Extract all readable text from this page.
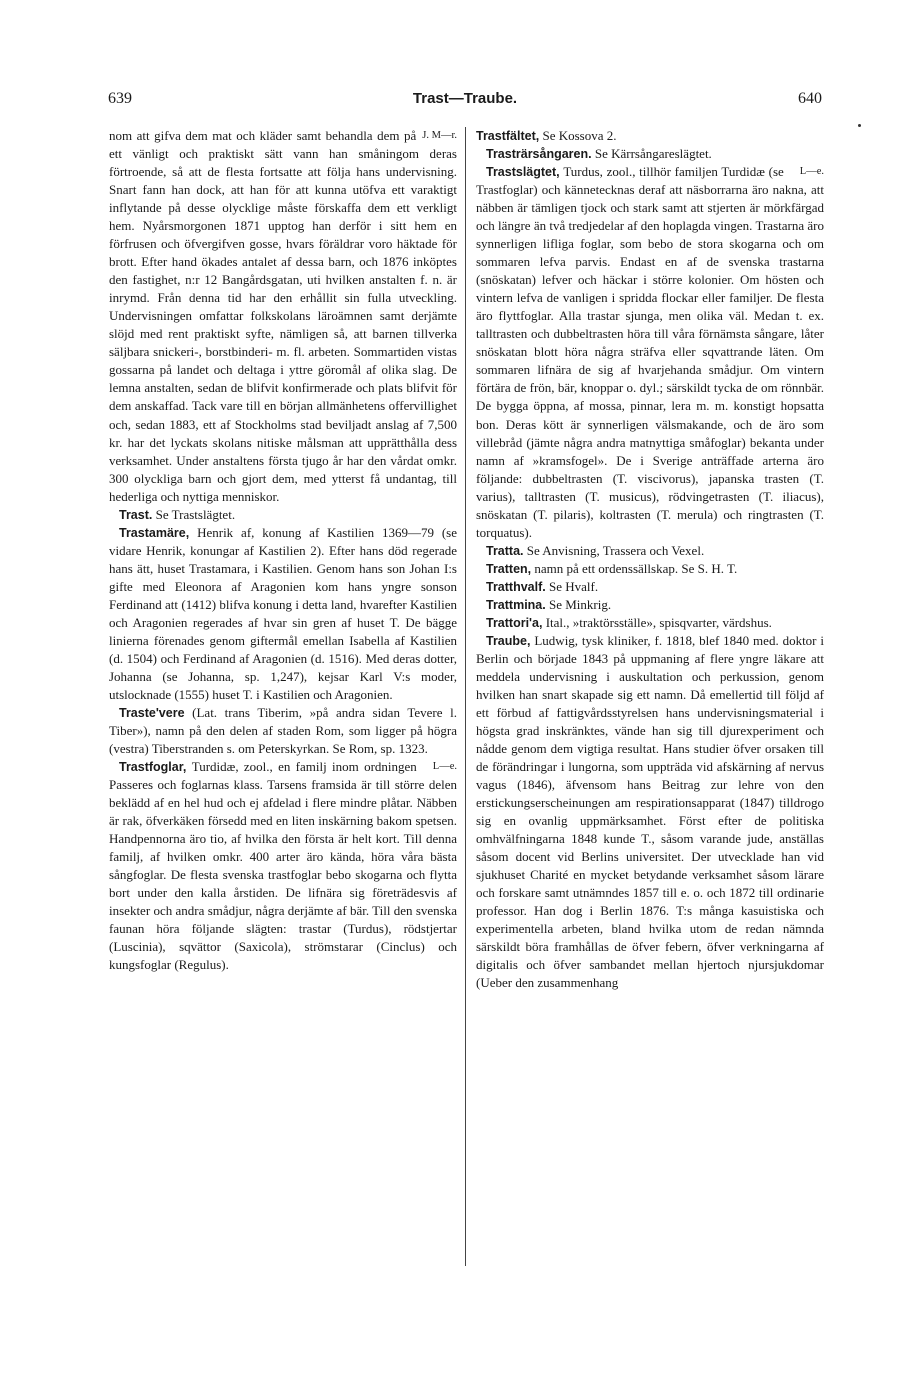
639	Trast—Traube.	640

J. M—r.
nom att gifva dem mat och kläder samt behandla dem på ett vänligt och praktiskt sätt vann han småningom deras förtroende, så att de flesta fortsatte att följa hans undervisning. Snart fann han dock, att han för att kunna utöfva ett varaktigt inflytande på desse olycklige måste förskaffa dem ett verkligt hem. Nyårsmorgonen 1871 upptog han derför i sitt hem en förfrusen och öfvergifven gosse, hvars föräldrar voro häktade för brott. Efter hand ökades antalet af dessa barn, och 1876 inköptes den fastighet, n:r 12 Bangårdsgatan, uti hvilken anstalten f. n. är inrymd. Från denna tid har den erhållit sin fulla utveckling. Undervisningen omfattar folkskolans läroämnen samt derjämte slöjd med rent praktiskt syfte, nämligen så, att barnen tillverka säljbara snickeri-, borstbinderi- m. fl. arbeten. Sommartiden vistas gossarna på landet och deltaga i yttre göromål af olika slag. De lemna anstalten, sedan de blifvit konfirmerade och plats blifvit för dem anskaffad. Tack vare till en början allmänhetens offervillighet och, sedan 1883, ett af Stockholms stad beviljadt anslag af 7,500 kr. har det lyckats skolans nitiske målsman att upprätthålla dess verksamhet. Under anstaltens första tjugo år har den vårdat omkr. 300 olyckliga barn och gjort dem, med ytterst få undantag, till hederliga och nyttiga menniskor.

Trast. Se Trastslägtet.

Trastamäre, Henrik af, konung af Kastilien 1369—79 (se vidare Henrik, konungar af Kastilien 2). Efter hans död regerade hans ätt, huset Trastamara, i Kastilien. Genom hans son Johan I:s gifte med Eleonora af Aragonien kom hans yngre sonson Ferdinand att (1412) blifva konung i detta land, hvarefter Kastilien och Aragonien regerades af hvar sin gren af huset T. De bägge linierna förenades genom giftermål emellan Isabella af Kastilien (d. 1504) och Ferdinand af Aragonien (d. 1516). Med deras dotter, Johanna (se Johanna, sp. 1,247), kejsar Karl V:s moder, utslocknade (1555) huset T. i Kastilien och Aragonien.

Traste'vere (Lat. trans Tiberim, »på andra sidan Tevere l. Tiber»), namn på den delen af staden Rom, som ligger på högra (vestra) Tiberstranden s. om Peterskyrkan. Se Rom, sp. 1323.

Trastfoglar,	L—e.
Turdidæ, zool., en familj inom ordningen Passeres och foglarnas klass. Tarsens framsida är till större delen beklädd af en hel hud och ej afdelad i flere mindre plåtar. Näbben är rak, öfverkäken försedd med en liten inskärning bakom spetsen. Handpennorna äro tio, af hvilka den första är helt kort. Till denna familj, af hvilken omkr. 400 arter äro kända, höra våra bästa sångfoglar. De flesta svenska trastfoglar bebo skogarna och flytta bort under den kalla årstiden. De lifnära sig företrädesvis af insekter och andra smådjur, några derjämte af bär. Till den svenska faunan höra följande slägten: trastar (Turdus), rödstjertar (Luscinia), sqvättor (Saxicola), strömstarar (Cinclus) och kungsfoglar (Regulus).

Trastfältet, Se Kossova 2.

Trasträrsångaren. Se Kärrsångareslägtet.

Trastslägtet,	L—e.
Turdus, zool., tillhör familjen Turdidæ (se Trastfoglar) och kännetecknas deraf att näsborrarna äro nakna, att näbben är tämligen tjock och stark samt att stjerten är mörkfärgad och längre än två tredjedelar af den hoplagda vingen. Trastarna äro synnerligen lifliga foglar, som bebo de stora skogarna och om sommaren lefva parvis. Endast en af de svenska trastarna (snöskatan) lefver och häckar i större kolonier. Om hösten och vintern lefva de vanligen i spridda flockar eller familjer. De flesta äro flyttfoglar. Alla trastar sjunga, men olika väl. Medan t. ex. talltrasten och dubbeltrasten höra till våra förnämsta sångare, låter snöskatan blott höra några sträfva eller sqvattrande läten. Om sommaren lifnära de sig af hvarjehanda smådjur. Om vintern förtära de frön, bär, knoppar o. dyl.; särskildt tycka de om rönnbär. De bygga öppna, af mossa, pinnar, lera m. m. konstigt hopsatta bon. Deras kött är synnerligen välsmakande, och de äro som villebråd (jämte några andra matnyttiga småfoglar) bekanta under namn af »kramsfogel». De i Sverige anträffade arterna äro följande: dubbeltrasten (T. viscivorus), japanska trasten (T. varius), talltrasten (T. musicus), rödvingetrasten (T. iliacus), snöskatan (T. pilaris), koltrasten (T. merula) och ringtrasten (T. torquatus).

Tratta. Se Anvisning, Trassera och Vexel.

Tratten, namn på ett ordenssällskap. Se S. H. T.

Tratthvalf. Se Hvalf.

Trattmina. Se Minkrig.

Trattori'a, Ital., »traktörsställe», spisqvarter, värdshus.

Traube, Ludwig, tysk kliniker, f. 1818, blef 1840 med. doktor i Berlin och började 1843 på uppmaning af flere yngre läkare att meddela undervisning i auskultation och perkussion, genom hvilken han snart skapade sig ett namn. Då emellertid till följd af ett förbud af fattigvårdsstyrelsen hans undervisningsmaterial i högsta grad inskränktes, vände han sig till djurexperiment och nådde genom dem vigtiga resultat. Hans studier öfver orsaken till de förändringar i lungorna, som uppträda vid afskärning af nervus vagus (1846), äfvensom hans Beitrag zur lehre von den erstickungserscheinungen am respirationsapparat (1847) tilldrogo sig en ovanlig uppmärksamhet. Först efter de politiska omhvälfningarna 1848 kunde T., såsom varande jude, anställas såsom docent vid Berlins universitet. Der utvecklade han vid sjukhuset Charité en mycket betydande verksamhet såsom lärare och forskare samt utnämndes 1857 till e. o. och 1872 till ordinarie professor. Han dog i Berlin 1876. T:s många kasuistiska och experimentella arbeten, bland hvilka utom de redan nämnda särskildt böra framhållas de öfver febern, öfver verkningarna af digitalis och öfver sambandet mellan hjertoch njursjukdomar (Ueber den zusammenhang
